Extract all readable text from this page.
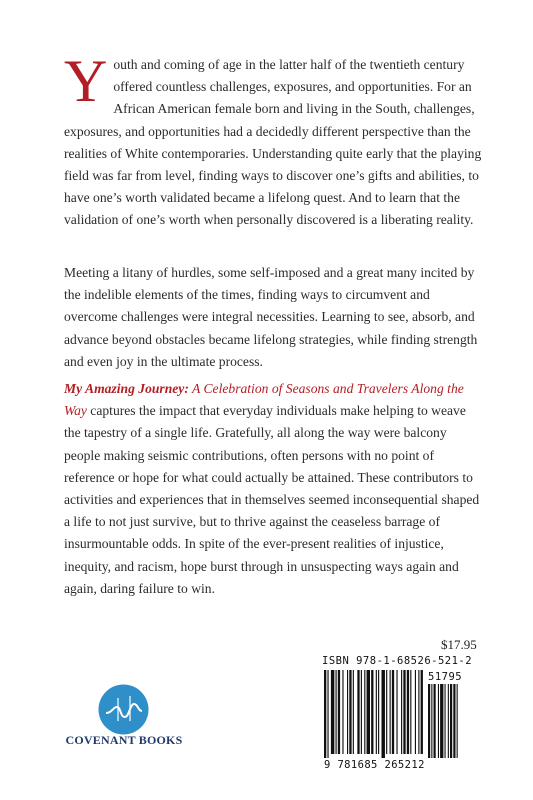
Youth and coming of age in the latter half of the twentieth century offered countless challenges, exposures, and opportunities. For an African American female born and living in the South, challenges, exposures, and opportunities had a decidedly different perspective than the realities of White contemporaries. Understanding quite early that the playing field was far from level, finding ways to discover one’s gifts and abilities, to have one’s worth validated became a lifelong quest. And to learn that the validation of one’s worth when personally discovered is a liberating reality.

Meeting a litany of hurdles, some self-imposed and a great many incited by the indelible elements of the times, finding ways to circumvent and overcome challenges were integral necessities. Learning to see, absorb, and advance beyond obstacles became lifelong strategies, while finding strength and even joy in the ultimate process.

My Amazing Journey: A Celebration of Seasons and Travelers Along the Way captures the impact that everyday individuals make helping to weave the tapestry of a single life. Gratefully, all along the way were balcony people making seismic contributions, often persons with no point of reference or hope for what could actually be attained. These contributors to activities and experiences that in themselves seemed inconsequential shaped a life to not just survive, but to thrive against the ceaseless barrage of insurmountable odds. In spite of the ever-present realities of injustice, inequity, and racism, hope burst through in unsuspecting ways again and again, daring failure to win.

$17.95
ISBN 978-1-68526-521-2
51795
9 781685 265212
COVENANT BOOKS
